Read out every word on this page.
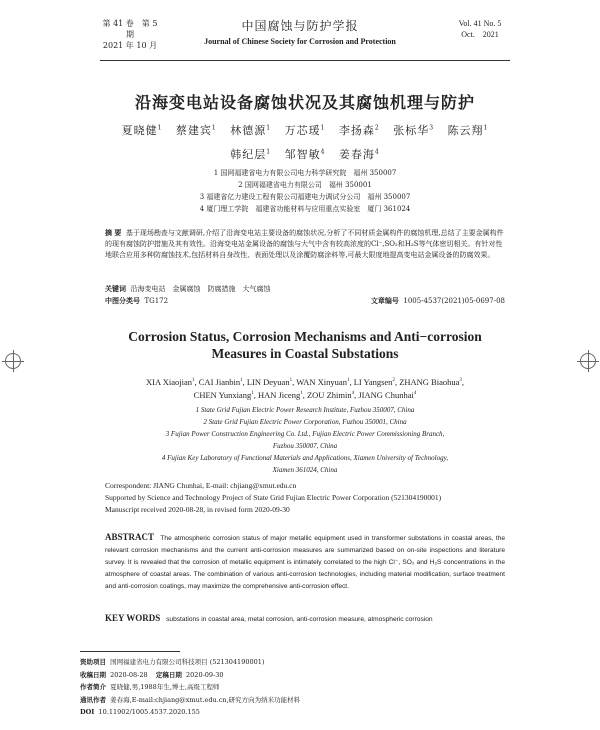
第 41 卷　第 5 期
2021 年 10 月
中国腐蚀与防护学报
Journal of Chinese Society for Corrosion and Protection
Vol. 41 No. 5
Oct.　2021
沿海变电站设备腐蚀状况及其腐蚀机理与防护
夏晓健$^1$ 蔡建宾$^1$ 林德源$^1$ 万芯瑗$^1$ 李扬森$^2$ 张标华$^3$ 陈云翔$^1$
韩纪层$^1$ 邹智敏$^4$ 姜春海$^4$
1 国网福建省电力有限公司电力科学研究院　福州 350007
2 国网福建省电力有限公司　福州 350001
3 福建省亿力建设工程有限公司福建电力调试分公司　福州 350007
4 厦门理工学院　福建省功能材料与应用重点实验室　厦门 361024
摘 要 基于现场勘查与文献调研,介绍了沿海变电站主要设备的腐蚀状况,分析了不同材质金属构件的腐蚀机理,总结了主要金属构件的现有腐蚀防护措施及其有效性。沿海变电站金属设备的腐蚀与大气中含有较高浓度的Cl⁻,SO₂和H₂S等气体密切相关。有针对性地联合应用多种防腐蚀技术,包括材料自身改性、表面处理以及涂覆防腐涂料等,可最大限度地提高变电站金属设备的防腐效果。
关键词 沿海变电站　金属腐蚀　防腐措施　大气腐蚀
中图分类号 TG172	文章编号 1005-4537(2021)05-0697-08
Corrosion Status, Corrosion Mechanisms and Anti−corrosion
Measures in Coastal Substations
XIA Xiaojian$^1$, CAI Jianbin$^1$, LIN Deyuan$^1$, WAN Xinyuan$^1$, LI Yangsen$^2$, ZHANG Biaohua$^3$,
CHEN Yunxiang$^1$, HAN Jiceng$^1$, ZOU Zhimin$^4$, JIANG Chunhai$^4$
1 State Grid Fujian Electric Power Research Institute, Fuzhou 350007, China
2 State Grid Fujian Electric Power Corporation, Fuzhou 350001, China
3 Fujian Power Construction Engineering Co. Ltd., Fujian Electric Power Commissioning Branch,
Fuzhou 350007, China
4 Fujian Key Laboratory of Functional Materials and Applications, Xiamen University of Technology,
Xiamen 361024, China
Correspondent: JIANG Chunhai, E-mail: chjiang@xmut.edu.cn
Supported by Science and Technology Project of State Grid Fujian Electric Power Corporation (521304190001)
Manuscript received 2020-08-28, in revised form 2020-09-30
ABSTRACT The atmospheric corrosion status of major metallic equipment used in transformer substations in coastal areas, the relevant corrosion mechanisms and the current anti-corrosion measures are summarized based on on-site inspections and literature survey. It is revealed that the corrosion of metallic equipment is intimately correlated to the high Cl⁻, SO₂ and H₂S concentrations in the atmosphere of coastal areas. The combination of various anti-corrosion technologies, including material modification, surface treatment and anti-corrosion coatings, may maximize the comprehensive anti-corrosion effect.
KEY WORDS substations in coastal area, metal corrosion, anti-corrosion measure, atmospheric corrosion
资助项目 国网福建省电力有限公司科技项目 (521304190001)
收稿日期 2020-08-28 定稿日期 2020-09-30
作者简介 夏晓健,男,1988年生,博士,高级工程师
通讯作者 姜春海,E-mail:chjiang@xmut.edu.cn,研究方向为纳米功能材料
DOI 10.11902/1005.4537.2020.155
